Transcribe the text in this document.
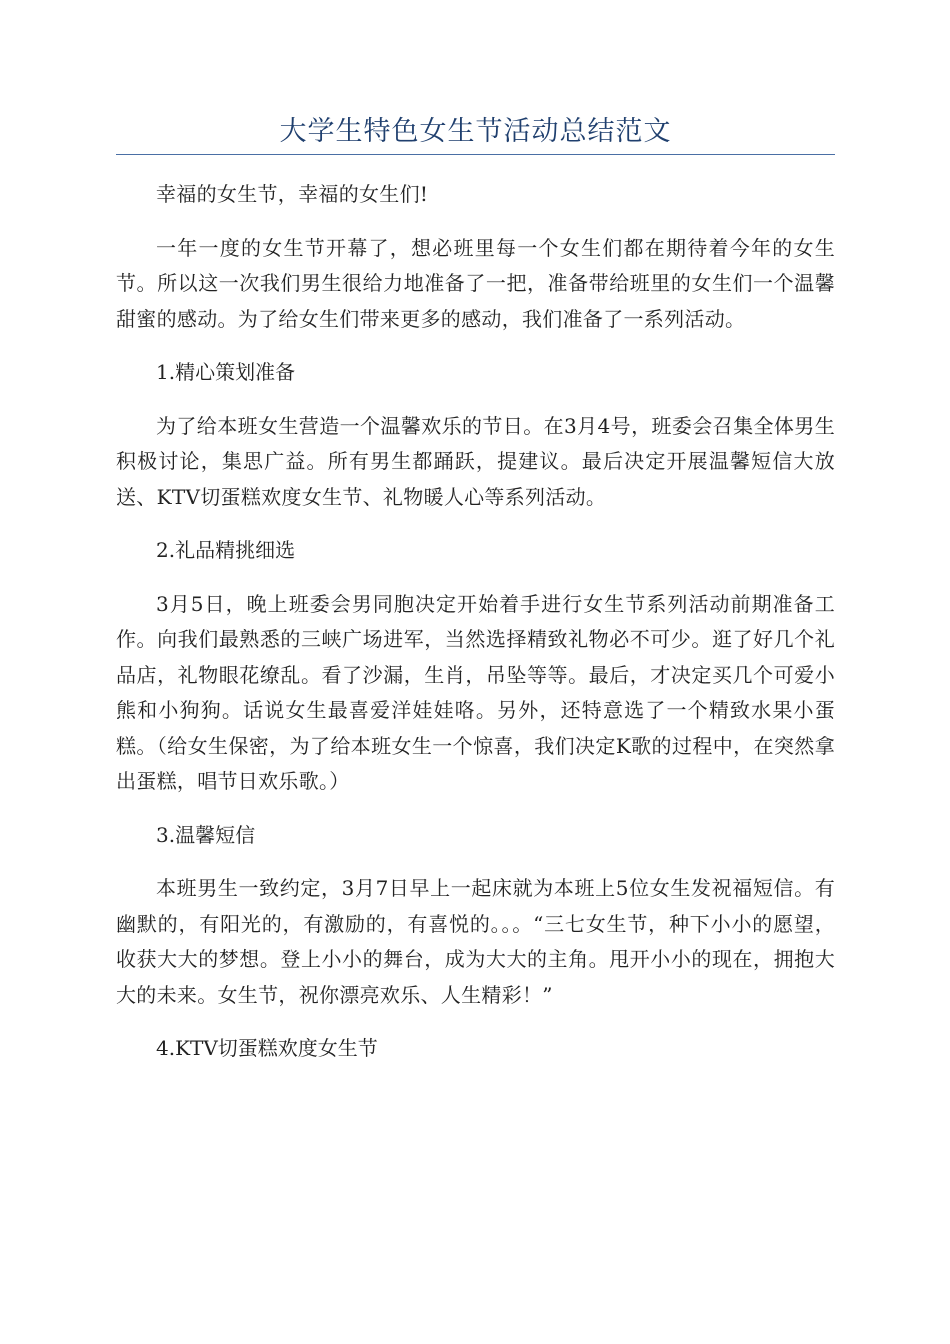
大学生特色女生节活动总结范文

幸福的女生节，幸福的女生们!

一年一度的女生节开幕了，想必班里每一个女生们都在期待着今年的女生节。所以这一次我们男生很给力地准备了一把，准备带给班里的女生们一个温馨甜蜜的感动。为了给女生们带来更多的感动，我们准备了一系列活动。

1.精心策划准备

为了给本班女生营造一个温馨欢乐的节日。在3月4号，班委会召集全体男生积极讨论，集思广益。所有男生都踊跃，提建议。最后决定开展温馨短信大放送、KTV切蛋糕欢度女生节、礼物暖人心等系列活动。

2.礼品精挑细选

3月5日，晚上班委会男同胞决定开始着手进行女生节系列活动前期准备工作。向我们最熟悉的三峡广场进军，当然选择精致礼物必不可少。逛了好几个礼品店，礼物眼花缭乱。看了沙漏，生肖，吊坠等等。最后，才决定买几个可爱小熊和小狗狗。话说女生最喜爱洋娃娃咯。另外，还特意选了一个精致水果小蛋糕。（给女生保密，为了给本班女生一个惊喜，我们决定K歌的过程中，在突然拿出蛋糕，唱节日欢乐歌。）

3.温馨短信

本班男生一致约定，3月7日早上一起床就为本班上5位女生发祝福短信。有幽默的，有阳光的，有激励的，有喜悦的。。。“三七女生节，种下小小的愿望，收获大大的梦想。登上小小的舞台，成为大大的主角。甩开小小的现在，拥抱大大的未来。女生节，祝你漂亮欢乐、人生精彩！”

4.KTV切蛋糕欢度女生节
